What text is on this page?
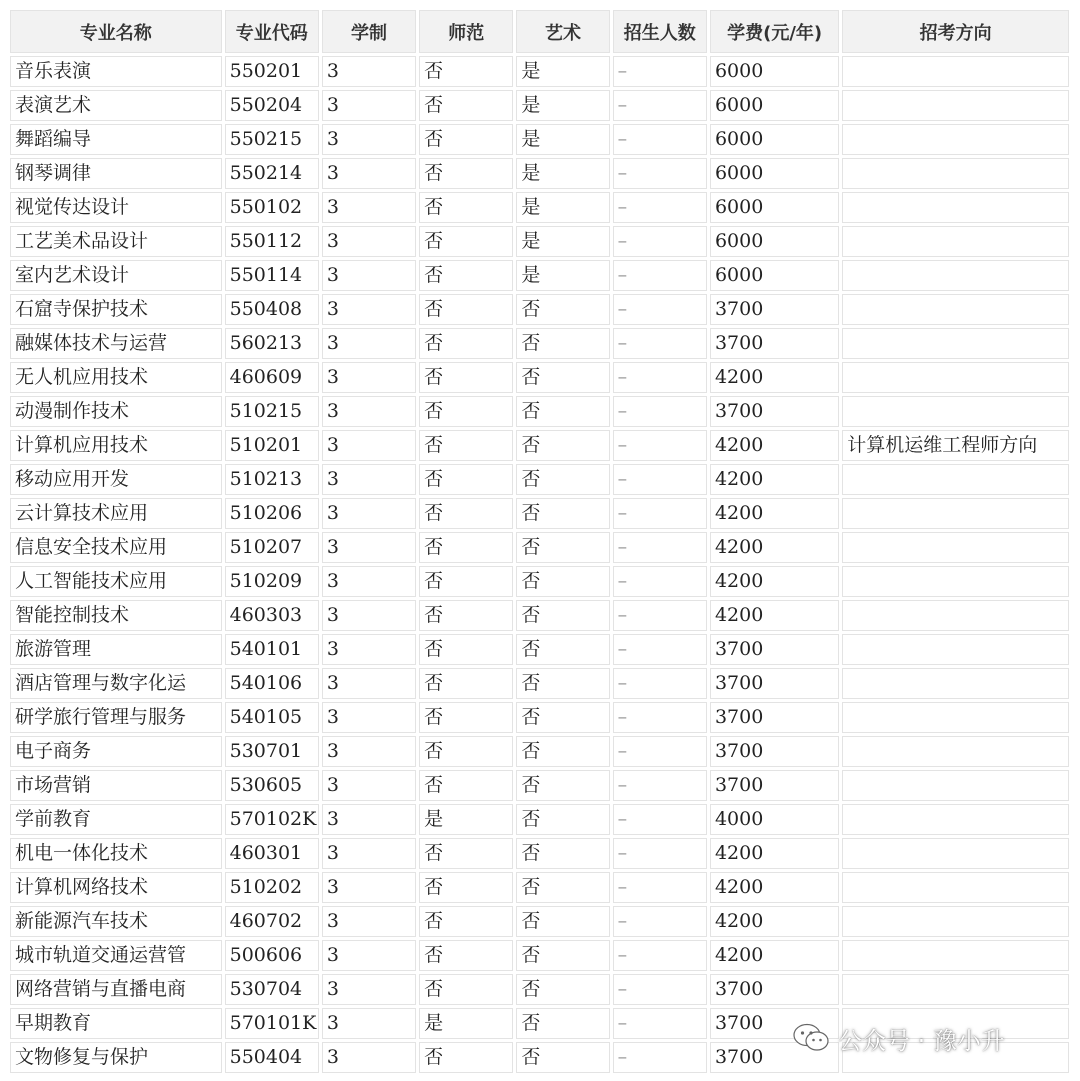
专业名称	专业代码	学制	师范	艺术	招生人数	学费(元/年)	招考方向
音乐表演	550201	3	否	是	–	6000	
表演艺术	550204	3	否	是	–	6000	
舞蹈编导	550215	3	否	是	–	6000	
钢琴调律	550214	3	否	是	–	6000	
视觉传达设计	550102	3	否	是	–	6000	
工艺美术品设计	550112	3	否	是	–	6000	
室内艺术设计	550114	3	否	是	–	6000	
石窟寺保护技术	550408	3	否	否	–	3700	
融媒体技术与运营	560213	3	否	否	–	3700	
无人机应用技术	460609	3	否	否	–	4200	
动漫制作技术	510215	3	否	否	–	3700	
计算机应用技术	510201	3	否	否	–	4200	计算机运维工程师方向
移动应用开发	510213	3	否	否	–	4200	
云计算技术应用	510206	3	否	否	–	4200	
信息安全技术应用	510207	3	否	否	–	4200	
人工智能技术应用	510209	3	否	否	–	4200	
智能控制技术	460303	3	否	否	–	4200	
旅游管理	540101	3	否	否	–	3700	
酒店管理与数字化运	540106	3	否	否	–	3700	
研学旅行管理与服务	540105	3	否	否	–	3700	
电子商务	530701	3	否	否	–	3700	
市场营销	530605	3	否	否	–	3700	
学前教育	570102K	3	是	否	–	4000	
机电一体化技术	460301	3	否	否	–	4200	
计算机网络技术	510202	3	否	否	–	4200	
新能源汽车技术	460702	3	否	否	–	4200	
城市轨道交通运营管	500606	3	否	否	–	4200	
网络营销与直播电商	530704	3	否	否	–	3700	
早期教育	570101K	3	是	否	–	3700	
文物修复与保护	550404	3	否	否	–	3700	
公众号 · 豫小升
